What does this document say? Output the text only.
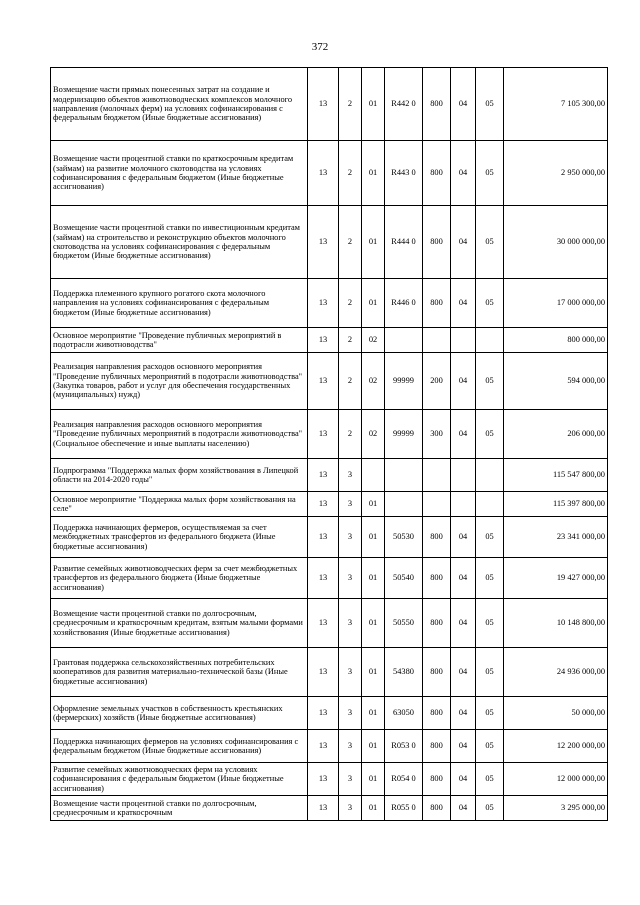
372
Возмещение части прямых понесенных затрат на создание и модернизацию объектов животноводческих комплексов молочного направления (молочных ферм) на условиях софинансирования с федеральным бюджетом (Иные бюджетные ассигнования)	13	2	01	R442 0	800	04	05	7 105 300,00
Возмещение части процентной ставки по краткосрочным кредитам (займам) на развитие молочного скотоводства на условиях софинансирования с федеральным бюджетом (Иные бюджетные ассигнования)	13	2	01	R443 0	800	04	05	2 950 000,00
Возмещение части процентной ставки по инвестиционным кредитам (займам) на строительство и реконструкцию объектов молочного скотоводства на условиях софинансирования с федеральным бюджетом (Иные бюджетные ассигнования)	13	2	01	R444 0	800	04	05	30 000 000,00
Поддержка племенного крупного рогатого скота молочного направления на условиях софинансирования с федеральным бюджетом (Иные бюджетные ассигнования)	13	2	01	R446 0	800	04	05	17 000 000,00
Основное мероприятие "Проведение публичных мероприятий в подотрасли животноводства"	13	2	02					800 000,00
Реализация направления расходов основного мероприятия "Проведение публичных мероприятий в подотрасли животноводства" (Закупка товаров, работ и услуг для обеспечения государственных (муниципальных) нужд)	13	2	02	99999	200	04	05	594 000,00
Реализация направления расходов основного мероприятия "Проведение публичных мероприятий в подотрасли животноводства" (Социальное обеспечение и иные выплаты населению)	13	2	02	99999	300	04	05	206 000,00
Подпрограмма "Поддержка малых форм хозяйствования в Липецкой области на 2014-2020 годы"	13	3						115 547 800,00
Основное мероприятие "Поддержка малых форм хозяйствования на селе"	13	3	01					115 397 800,00
Поддержка начинающих фермеров, осуществляемая за счет межбюджетных трансфертов из федерального бюджета (Иные бюджетные ассигнования)	13	3	01	50530	800	04	05	23 341 000,00
Развитие семейных животноводческих ферм за счет межбюджетных трансфертов из федерального бюджета (Иные бюджетные ассигнования)	13	3	01	50540	800	04	05	19 427 000,00
Возмещение части процентной ставки по долгосрочным, среднесрочным и краткосрочным кредитам, взятым малыми формами хозяйствования (Иные бюджетные ассигнования)	13	3	01	50550	800	04	05	10 148 800,00
Грантовая поддержка сельскохозяйственных потребительских кооперативов для развития материально-технической базы (Иные бюджетные ассигнования)	13	3	01	54380	800	04	05	24 936 000,00
Оформление земельных участков в собственность крестьянских (фермерских) хозяйств (Иные бюджетные ассигнования)	13	3	01	63050	800	04	05	50 000,00
Поддержка начинающих фермеров на условиях софинансирования с федеральным бюджетом (Иные бюджетные ассигнования)	13	3	01	R053 0	800	04	05	12 200 000,00
Развитие семейных животноводческих ферм на условиях софинансирования с федеральным бюджетом (Иные бюджетные ассигнования)	13	3	01	R054 0	800	04	05	12 000 000,00
Возмещение части процентной ставки по долгосрочным, среднесрочным и краткосрочным	13	3	01	R055 0	800	04	05	3 295 000,00
